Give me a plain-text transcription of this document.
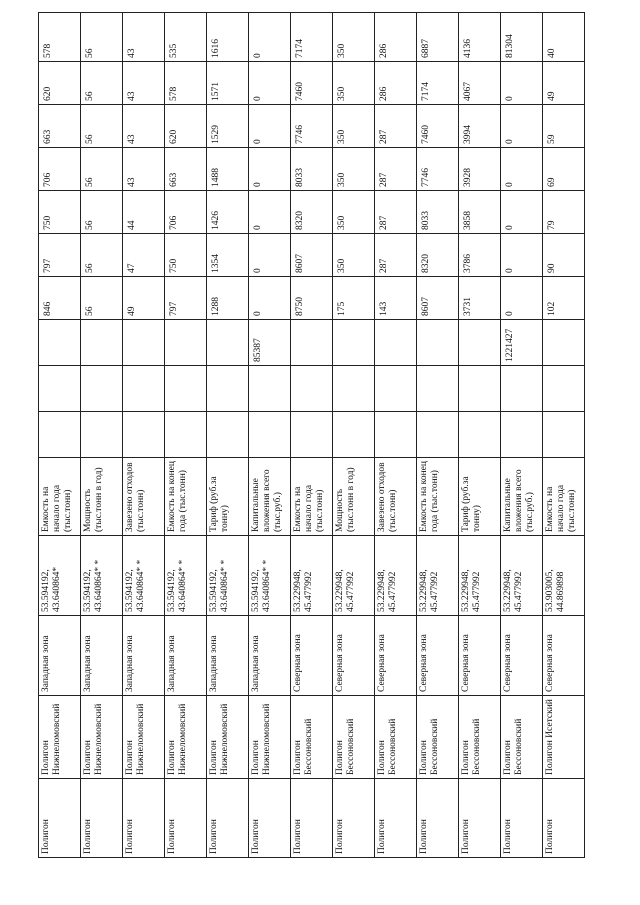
Полигон	Полигон Нижнеломовский	Западная зона	53.594192, 43.640864*	Емкость на начало года (тыс.тонн)				846	797	750	706	663	620	578
Полигон	Полигон Нижнеломовский	Западная зона	53.594192, 43.640864* *	Мощность (тыс.тонн в год)				56	56	56	56	56	56	56
Полигон	Полигон Нижнеломовский	Западная зона	53.594192, 43.640864* *	Завезено отходов (тыс.тонн)				49	47	44	43	43	43	43
Полигон	Полигон Нижнеломовский	Западная зона	53.594192, 43.640864* *	Емкость на конец года (тыс.тонн)				797	750	706	663	620	578	535
Полигон	Полигон Нижнеломовский	Западная зона	53.594192, 43.640864* *	Тариф (руб.за тонну)				1288	1354	1426	1488	1529	1571	1616
Полигон	Полигон Нижнеломовский	Западная зона	53.594192, 43.640864* *	Капитальные вложения всего (тыс.руб.)			85387	0	0	0	0	0	0	0
Полигон	Полигон Бессоновский	Северная зона	53.229948, 45.477992	Емкость на начало года (тыс.тонн)				8750	8607	8320	8033	7746	7460	7174
Полигон	Полигон Бессоновский	Северная зона	53.229948, 45.477992	Мощность (тыс.тонн в год)				175	350	350	350	350	350	350
Полигон	Полигон Бессоновский	Северная зона	53.229948, 45.477992	Завезено отходов (тыс.тонн)				143	287	287	287	287	286	286
Полигон	Полигон Бессоновский	Северная зона	53.229948, 45.477992	Емкость на конец года (тыс.тонн)				8607	8320	8033	7746	7460	7174	6887
Полигон	Полигон Бессоновский	Северная зона	53.229948, 45.477992	Тариф (руб.за тонну)				3731	3786	3858	3928	3994	4067	4136
Полигон	Полигон Бессоновский	Северная зона	53.229948, 45.477992	Капитальные вложения всего (тыс.руб.)			1221427	0	0	0	0	0	0	81304
Полигон	Полигон Исетский	Северная зона	53.903005, 44.869898	Емкость на начало года (тыс.тонн)				102	90	79	69	59	49	40
